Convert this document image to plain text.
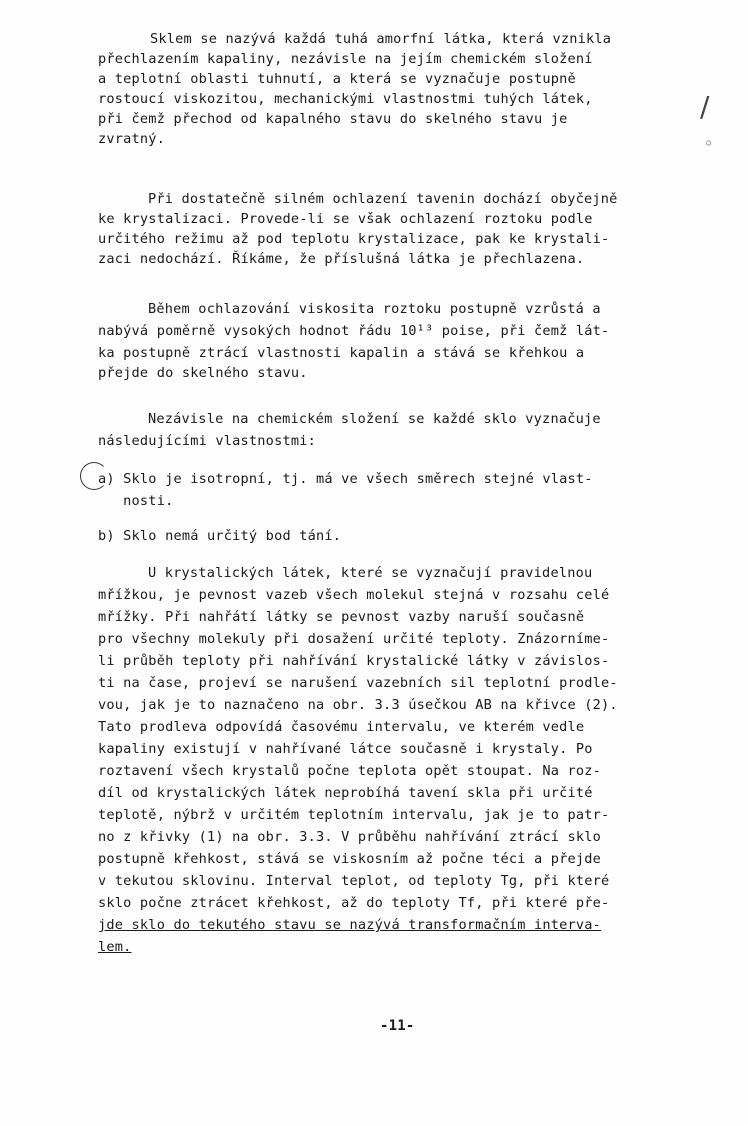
Sklem se nazývá každá tuhá amorfní látka, která vznikla
přechlazením kapaliny, nezávisle na jejím chemickém složení
a teplotní oblasti tuhnutí, a která se vyznačuje postupně
rostoucí viskozitou, mechanickými vlastnostmi tuhých látek,
při čemž přechod od kapalného stavu do skelného stavu je
zvratný.
Při dostatečně silném ochlazení tavenin dochází obyčejně
ke krystalizaci. Provede-li se však ochlazení roztoku podle
určitého režimu až pod teplotu krystalizace, pak ke krystali-
zaci nedochází. Říkáme, že příslušná látka je přechlazena.
Během ochlazování viskosita roztoku postupně vzrůstá a
nabývá poměrně vysokých hodnot řádu 10¹³ poise, při čemž lát-
ka postupně ztrácí vlastnosti kapalin a stává se křehkou a
přejde do skelného stavu.
Nezávisle na chemickém složení se každé sklo vyznačuje
následujícími vlastnostmi:
a) Sklo je isotropní, tj. má ve všech směrech stejné vlast-
nosti.
b) Sklo nemá určitý bod tání.
U krystalických látek, které se vyznačují pravidelnou
mřížkou, je pevnost vazeb všech molekul stejná v rozsahu celé
mřížky. Při nahřátí látky se pevnost vazby naruší současně
pro všechny molekuly při dosažení určité teploty. Znázorníme-
li průběh teploty při nahřívání krystalické látky v závislos-
ti na čase, projeví se narušení vazebních sil teplotní prodle-
vou, jak je to naznačeno na obr. 3.3 úsečkou AB na křivce (2).
Tato prodleva odpovídá časovému intervalu, ve kterém vedle
kapaliny existují v nahřívané látce současně i krystaly. Po
roztavení všech krystalů počne teplota opět stoupat. Na roz-
díl od krystalických látek neprobíhá tavení skla při určité
teplotě, nýbrž v určitém teplotním intervalu, jak je to patr-
no z křivky (1) na obr. 3.3. V průběhu nahřívání ztrácí sklo
postupně křehkost, stává se viskosním až počne téci a přejde
v tekutou sklovinu. Interval teplot, od teploty Tg, při které
sklo počne ztrácet křehkost, až do teploty Tf, při které pře-
jde sklo do tekutého stavu se nazývá transformačním interva-
lem.
-11-
/
◦
